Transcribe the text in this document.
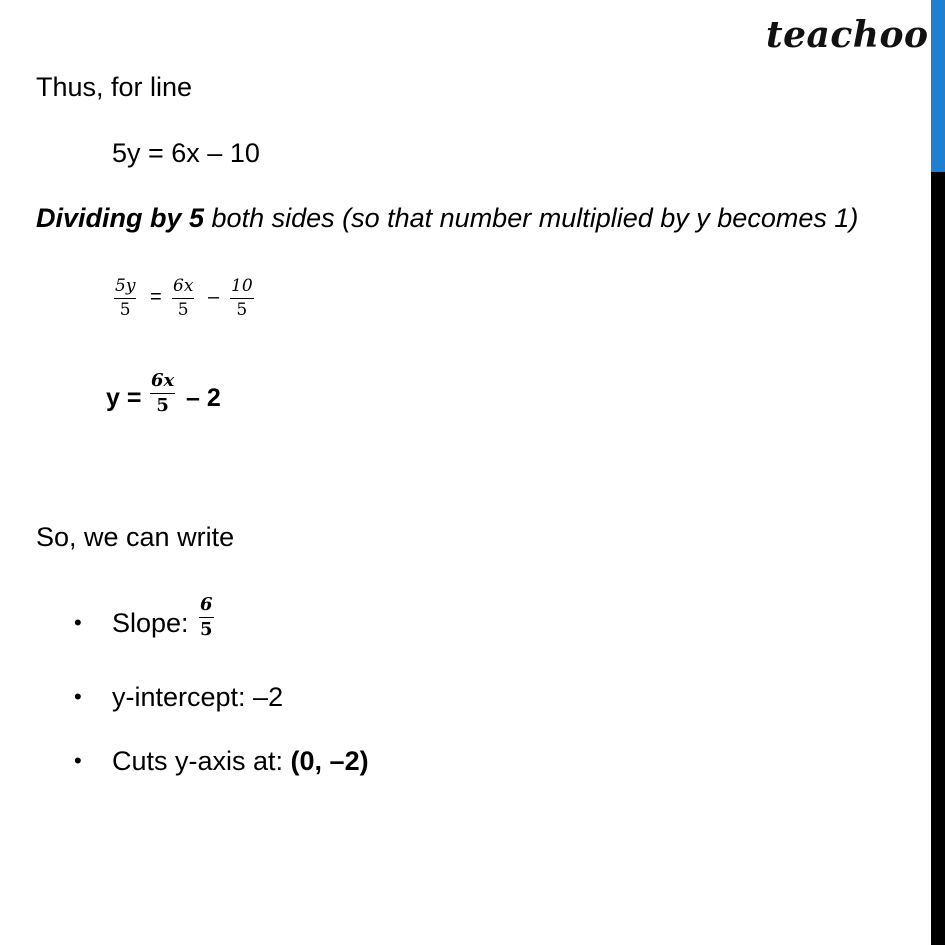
teachoo
Thus, for line
5y = 6x – 10
Dividing by 5 both sides (so that number multiplied by y becomes 1)
$\frac{5y}{5} = \frac{6x}{5} - \frac{10}{5}$
$y = \frac{6x}{5} - 2$
So, we can write
• Slope: $\frac{6}{5}$
• y-intercept: –2
• Cuts y-axis at: (0, –2)
